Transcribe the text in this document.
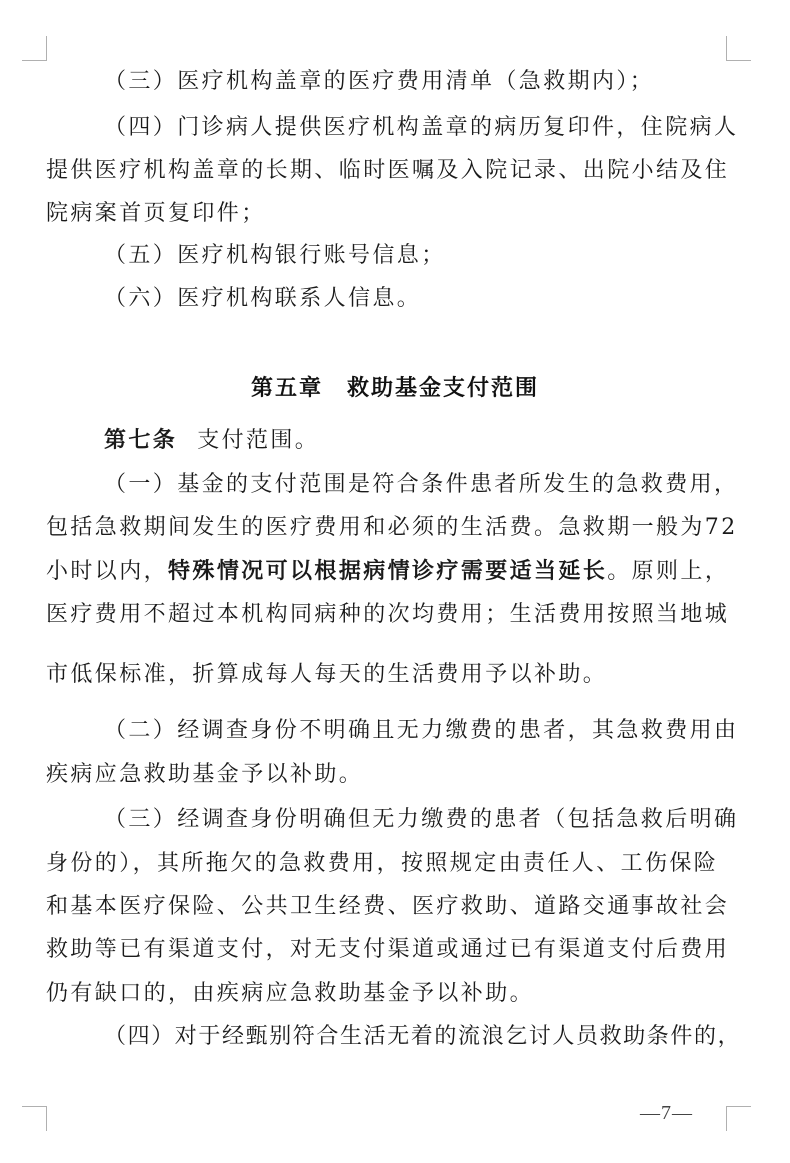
（三）医疗机构盖章的医疗费用清单（急救期内）；
（四）门诊病人提供医疗机构盖章的病历复印件，住院病人
提供医疗机构盖章的长期、临时医嘱及入院记录、出院小结及住
院病案首页复印件；
（五）医疗机构银行账号信息；
（六）医疗机构联系人信息。
第五章　救助基金支付范围
第七条 支付范围。
（一）基金的支付范围是符合条件患者所发生的急救费用，
包括急救期间发生的医疗费用和必须的生活费。急救期一般为72
小时以内，特殊情况可以根据病情诊疗需要适当延长。原则上，
医疗费用不超过本机构同病种的次均费用；生活费用按照当地城
市低保标准，折算成每人每天的生活费用予以补助。
（二）经调查身份不明确且无力缴费的患者，其急救费用由
疾病应急救助基金予以补助。
（三）经调查身份明确但无力缴费的患者（包括急救后明确
身份的），其所拖欠的急救费用，按照规定由责任人、工伤保险
和基本医疗保险、公共卫生经费、医疗救助、道路交通事故社会
救助等已有渠道支付，对无支付渠道或通过已有渠道支付后费用
仍有缺口的，由疾病应急救助基金予以补助。
（四）对于经甄别符合生活无着的流浪乞讨人员救助条件的，
—7—
